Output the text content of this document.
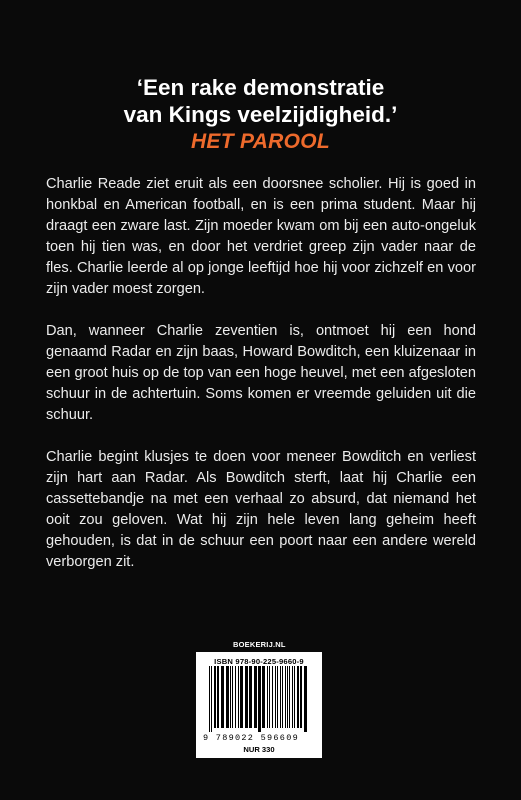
‘Een rake demonstratie
van Kings veelzijdigheid.’
HET PAROOL

Charlie Reade ziet eruit als een doorsnee scholier. Hij is goed in honkbal en American football, en is een prima student. Maar hij draagt een zware last. Zijn moeder kwam om bij een auto-ongeluk toen hij tien was, en door het verdriet greep zijn vader naar de fles. Charlie leerde al op jonge leeftijd hoe hij voor zichzelf en voor zijn vader moest zorgen.

Dan, wanneer Charlie zeventien is, ontmoet hij een hond genaamd Radar en zijn baas, Howard Bowditch, een kluizenaar in een groot huis op de top van een hoge heuvel, met een afgesloten schuur in de achtertuin. Soms komen er vreemde geluiden uit die schuur.

Charlie begint klusjes te doen voor meneer Bowditch en verliest zijn hart aan Radar. Als Bowditch sterft, laat hij Charlie een cassettebandje na met een verhaal zo absurd, dat niemand het ooit zou geloven. Wat hij zijn hele leven lang geheim heeft gehouden, is dat in de schuur een poort naar een andere wereld verborgen zit.

BOEKERIJ.NL
ISBN 978-90-225-9660-9
9 789022 596609
NUR 330
